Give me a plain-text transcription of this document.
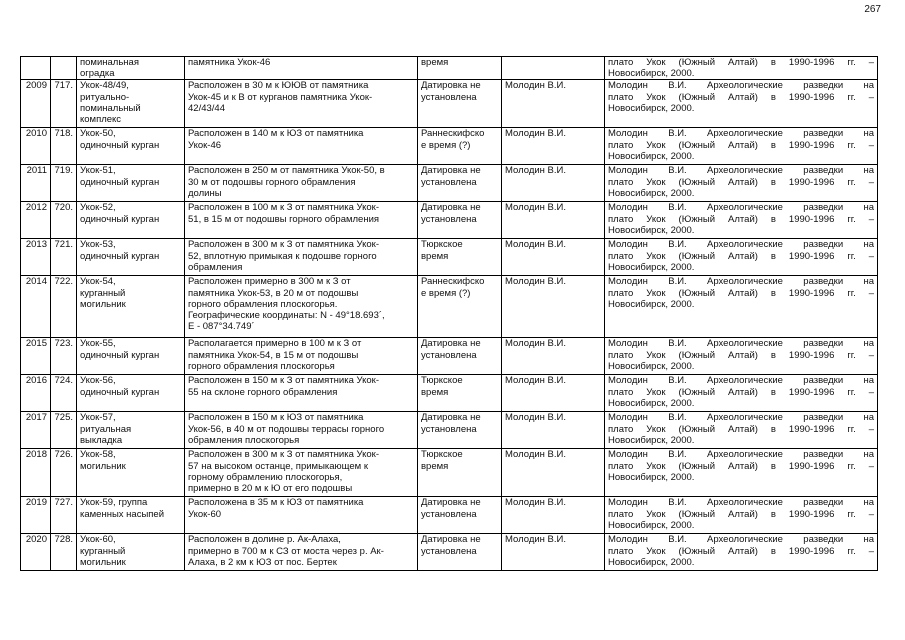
267

		поминальная
оградка	памятника Укок-46	время		плато Укок (Южный Алтай) в 1990-1996 гг. –
Новосибирск, 2000.

2009	717.	Укок-48/49,
ритуально-
поминальный
комплекс	Расположен в 30 м к ЮЮВ от памятника
Укок-45 и к В от курганов памятника Укок-
42/43/44	Датировка не
установлена	Молодин В.И.	Молодин В.И. Археологические разведки на
плато Укок (Южный Алтай) в 1990-1996 гг. –
Новосибирск, 2000.

2010	718.	Укок-50,
одиночный курган	Расположен в 140 м к ЮЗ от памятника
Укок-46	Раннескифско
е время (?)	Молодин В.И.	Молодин В.И. Археологические разведки на
плато Укок (Южный Алтай) в 1990-1996 гг. –
Новосибирск, 2000.

2011	719.	Укок-51,
одиночный курган	Расположен в 250 м от памятника Укок-50, в
30 м от подошвы горного обрамления
долины	Датировка не
установлена	Молодин В.И.	Молодин В.И. Археологические разведки на
плато Укок (Южный Алтай) в 1990-1996 гг. –
Новосибирск, 2000.

2012	720.	Укок-52,
одиночный курган	Расположен в 100 м к З от памятника Укок-
51, в 15 м от подошвы горного обрамления	Датировка не
установлена	Молодин В.И.	Молодин В.И. Археологические разведки на
плато Укок (Южный Алтай) в 1990-1996 гг. –
Новосибирск, 2000.

2013	721.	Укок-53,
одиночный курган	Расположен в 300 м к З от памятника Укок-
52, вплотную примыкая к подошве горного
обрамления	Тюркское
время	Молодин В.И.	Молодин В.И. Археологические разведки на
плато Укок (Южный Алтай) в 1990-1996 гг. –
Новосибирск, 2000.

2014	722.	Укок-54,
курганный
могильник	Расположен примерно в 300 м к З от
памятника Укок-53, в 20 м от подошвы
горного обрамления плоскогорья.
Географические координаты: N - 49°18.693´,
Е - 087°34.749´	Раннескифско
е время (?)	Молодин В.И.	Молодин В.И. Археологические разведки на
плато Укок (Южный Алтай) в 1990-1996 гг. –
Новосибирск, 2000.

2015	723.	Укок-55,
одиночный курган	Располагается примерно в 100 м к З от
памятника Укок-54, в 15 м от подошвы
горного обрамления плоскогорья	Датировка не
установлена	Молодин В.И.	Молодин В.И. Археологические разведки на
плато Укок (Южный Алтай) в 1990-1996 гг. –
Новосибирск, 2000.

2016	724.	Укок-56,
одиночный курган	Расположен в 150 м к З от памятника Укок-
55 на склоне горного обрамления	Тюркское
время	Молодин В.И.	Молодин В.И. Археологические разведки на
плато Укок (Южный Алтай) в 1990-1996 гг. –
Новосибирск, 2000.

2017	725.	Укок-57,
ритуальная
выкладка	Расположен в 150 м к ЮЗ от памятника
Укок-56, в 40 м от подошвы террасы горного
обрамления плоскогорья	Датировка не
установлена	Молодин В.И.	Молодин В.И. Археологические разведки на
плато Укок (Южный Алтай) в 1990-1996 гг. –
Новосибирск, 2000.

2018	726.	Укок-58,
могильник	Расположен в 300 м к З от памятника Укок-
57 на высоком останце, примыкающем к
горному обрамлению плоскогорья,
примерно в 20 м к Ю от его подошвы	Тюркское
время	Молодин В.И.	Молодин В.И. Археологические разведки на
плато Укок (Южный Алтай) в 1990-1996 гг. –
Новосибирск, 2000.

2019	727.	Укок-59, группа
каменных насыпей	Расположена в 35 м к ЮЗ от памятника
Укок-60	Датировка не
установлена	Молодин В.И.	Молодин В.И. Археологические разведки на
плато Укок (Южный Алтай) в 1990-1996 гг. –
Новосибирск, 2000.

2020	728.	Укок-60,
курганный
могильник	Расположен в долине р. Ак-Алаха,
примерно в 700 м к СЗ от моста через р. Ак-
Алаха, в 2 км к ЮЗ от пос. Бертек	Датировка не
установлена	Молодин В.И.	Молодин В.И. Археологические разведки на
плато Укок (Южный Алтай) в 1990-1996 гг. –
Новосибирск, 2000.
